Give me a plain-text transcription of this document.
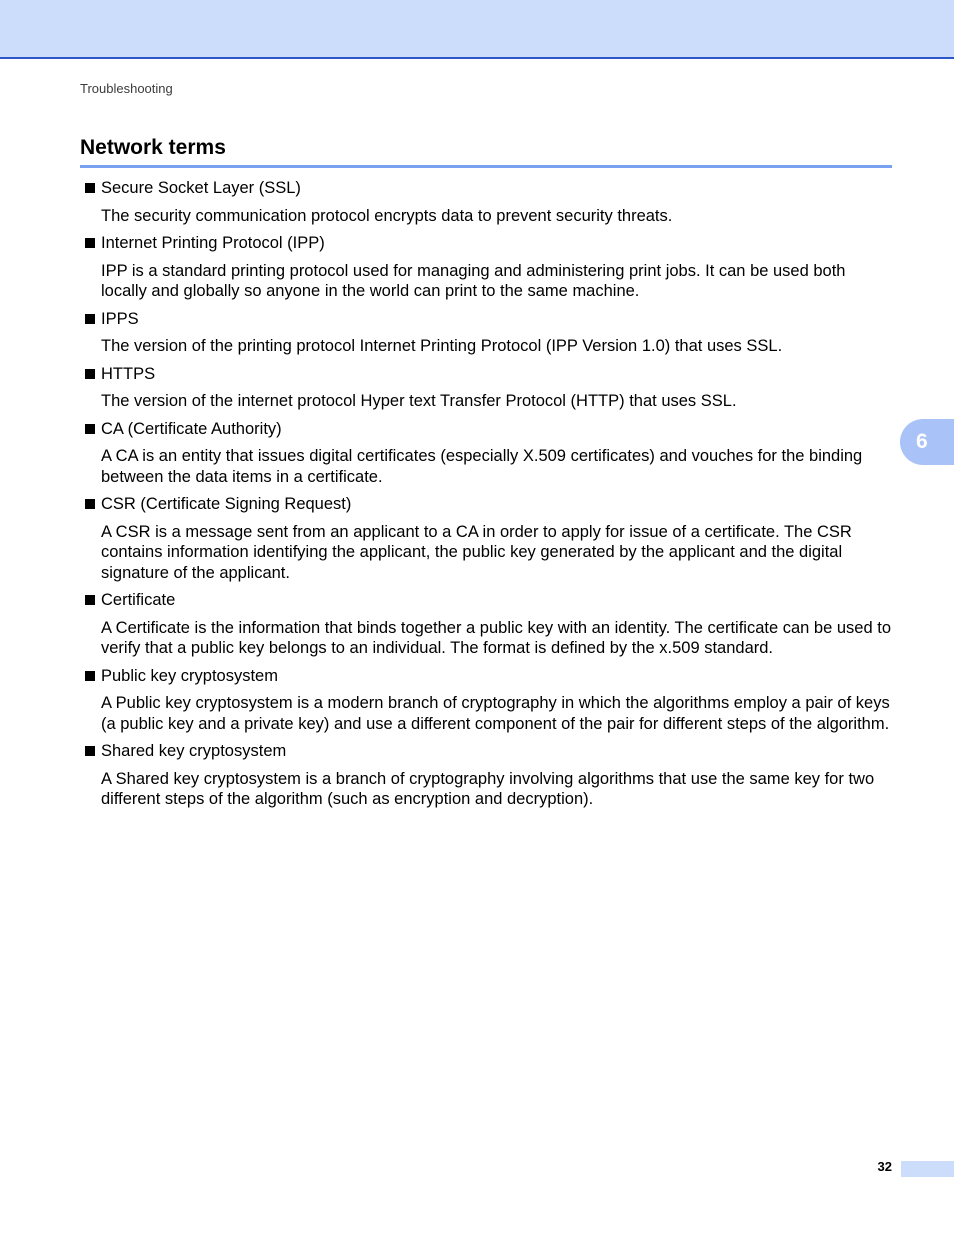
Troubleshooting
Network terms
Secure Socket Layer (SSL)
The security communication protocol encrypts data to prevent security threats.
Internet Printing Protocol (IPP)
IPP is a standard printing protocol used for managing and administering print jobs. It can be used both locally and globally so anyone in the world can print to the same machine.
IPPS
The version of the printing protocol Internet Printing Protocol (IPP Version 1.0) that uses SSL.
HTTPS
The version of the internet protocol Hyper text Transfer Protocol (HTTP) that uses SSL.
CA (Certificate Authority)
A CA is an entity that issues digital certificates (especially X.509 certificates) and vouches for the binding between the data items in a certificate.
CSR (Certificate Signing Request)
A CSR is a message sent from an applicant to a CA in order to apply for issue of a certificate. The CSR contains information identifying the applicant, the public key generated by the applicant and the digital signature of the applicant.
Certificate
A Certificate is the information that binds together a public key with an identity. The certificate can be used to verify that a public key belongs to an individual. The format is defined by the x.509 standard.
Public key cryptosystem
A Public key cryptosystem is a modern branch of cryptography in which the algorithms employ a pair of keys (a public key and a private key) and use a different component of the pair for different steps of the algorithm.
Shared key cryptosystem
A Shared key cryptosystem is a branch of cryptography involving algorithms that use the same key for two different steps of the algorithm (such as encryption and decryption).
6
32
